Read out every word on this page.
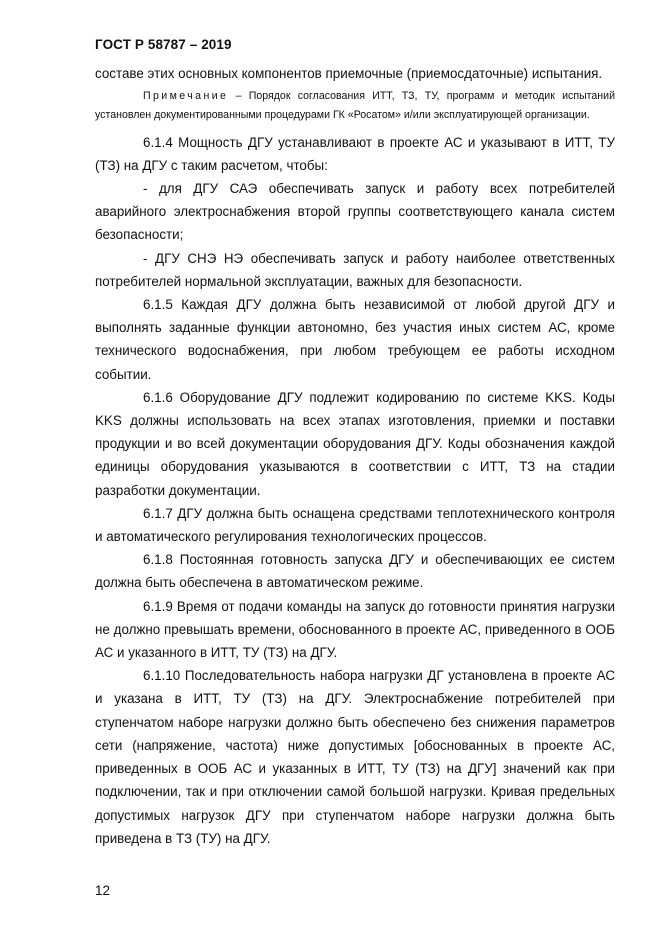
ГОСТ Р 58787 – 2019

составе этих основных компонентов приемочные (приемосдаточные) испытания.

Примечание – Порядок согласования ИТТ, ТЗ, ТУ, программ и методик испытаний установлен документированными процедурами ГК «Росатом» и/или эксплуатирующей организации.

6.1.4 Мощность ДГУ устанавливают в проекте АС и указывают в ИТТ, ТУ (ТЗ) на ДГУ с таким расчетом, чтобы:

- для ДГУ САЭ обеспечивать запуск и работу всех потребителей аварийного электроснабжения второй группы соответствующего канала систем безопасности;

- ДГУ СНЭ НЭ обеспечивать запуск и работу наиболее ответственных потребителей нормальной эксплуатации, важных для безопасности.

6.1.5 Каждая ДГУ должна быть независимой от любой другой ДГУ и выполнять заданные функции автономно, без участия иных систем АС, кроме технического водоснабжения, при любом требующем ее работы исходном событии.

6.1.6 Оборудование ДГУ подлежит кодированию по системе KKS. Коды KKS должны использовать на всех этапах изготовления, приемки и поставки продукции и во всей документации оборудования ДГУ. Коды обозначения каждой единицы оборудования указываются в соответствии с ИТТ, ТЗ на стадии разработки документации.

6.1.7 ДГУ должна быть оснащена средствами теплотехнического контроля и автоматического регулирования технологических процессов.

6.1.8 Постоянная готовность запуска ДГУ и обеспечивающих ее систем должна быть обеспечена в автоматическом режиме.

6.1.9 Время от подачи команды на запуск до готовности принятия нагрузки не должно превышать времени, обоснованного в проекте АС, приведенного в ООБ АС и указанного в ИТТ, ТУ (ТЗ) на ДГУ.

6.1.10 Последовательность набора нагрузки ДГ установлена в проекте АС и указана в ИТТ, ТУ (ТЗ) на ДГУ. Электроснабжение потребителей при ступенчатом наборе нагрузки должно быть обеспечено без снижения параметров сети (напряжение, частота) ниже допустимых [обоснованных в проекте АС, приведенных в ООБ АС и указанных в ИТТ, ТУ (ТЗ) на ДГУ] значений как при подключении, так и при отключении самой большой нагрузки. Кривая предельных допустимых нагрузок ДГУ при ступенчатом наборе нагрузки должна быть приведена в ТЗ (ТУ) на ДГУ.

12
